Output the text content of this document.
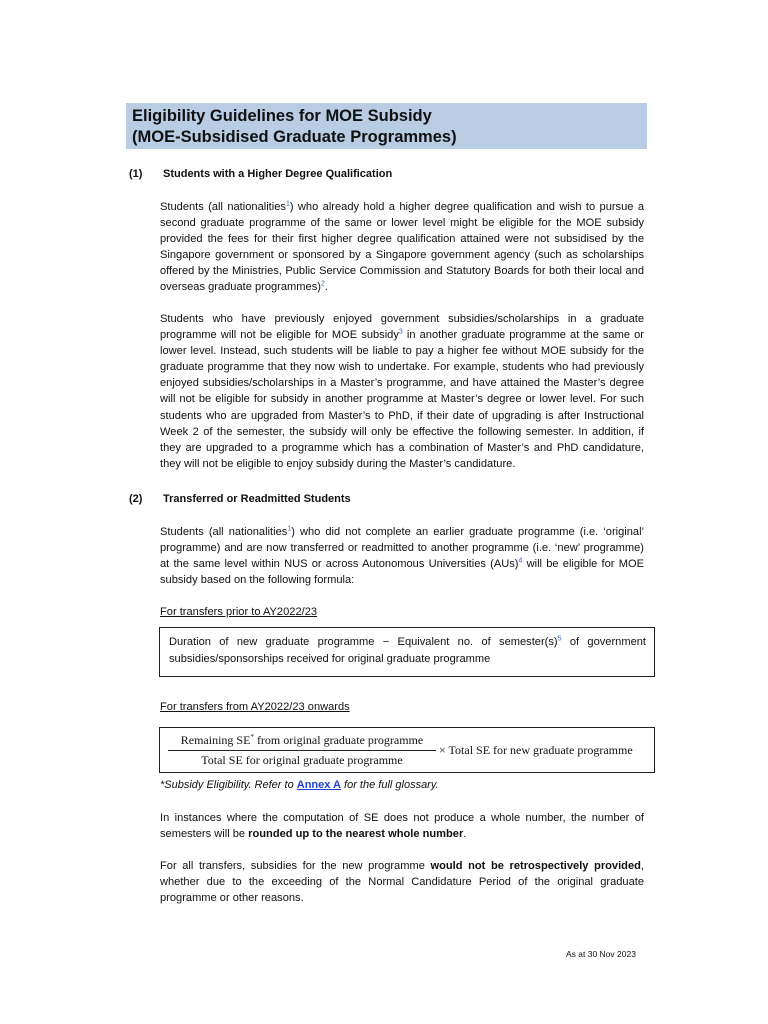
Eligibility Guidelines for MOE Subsidy
(MOE-Subsidised Graduate Programmes)
(1) Students with a Higher Degree Qualification

Students (all nationalities$^1$) who already hold a higher degree qualification and wish to pursue a second graduate programme of the same or lower level might be eligible for the MOE subsidy provided the fees for their first higher degree qualification attained were not subsidised by the Singapore government or sponsored by a Singapore government agency (such as scholarships offered by the Ministries, Public Service Commission and Statutory Boards for both their local and overseas graduate programmes)$^2$.

Students who have previously enjoyed government subsidies/scholarships in a graduate programme will not be eligible for MOE subsidy$^3$ in another graduate programme at the same or lower level. Instead, such students will be liable to pay a higher fee without MOE subsidy for the graduate programme that they now wish to undertake. For example, students who had previously enjoyed subsidies/scholarships in a Master’s programme, and have attained the Master’s degree will not be eligible for subsidy in another programme at Master’s degree or lower level. For such students who are upgraded from Master’s to PhD, if their date of upgrading is after Instructional Week 2 of the semester, the subsidy will only be effective the following semester. In addition, if they are upgraded to a programme which has a combination of Master’s and PhD candidature, they will not be eligible to enjoy subsidy during the Master’s candidature.

(2) Transferred or Readmitted Students

Students (all nationalities$^1$) who did not complete an earlier graduate programme (i.e. ‘original’ programme) and are now transferred or readmitted to another programme (i.e. ‘new’ programme) at the same level within NUS or across Autonomous Universities (AUs)$^4$ will be eligible for MOE subsidy based on the following formula:

For transfers prior to AY2022/23
Duration of new graduate programme − Equivalent no. of $semester(s)^5$ of government subsidies/sponsorships received for original graduate programme
For transfers from AY2022/23 onwards
Remaining SE* from original graduate programme
Total SE for original graduate programme
× Total SE for new graduate programme
*Subsidy Eligibility. Refer to Annex A for the full glossary.

In instances where the computation of SE does not produce a whole number, the number of semesters will be rounded up to the nearest whole number.

For all transfers, subsidies for the new programme would not be retrospectively provided, whether due to the exceeding of the Normal Candidature Period of the original graduate programme or other reasons.

As at 30 Nov 2023
